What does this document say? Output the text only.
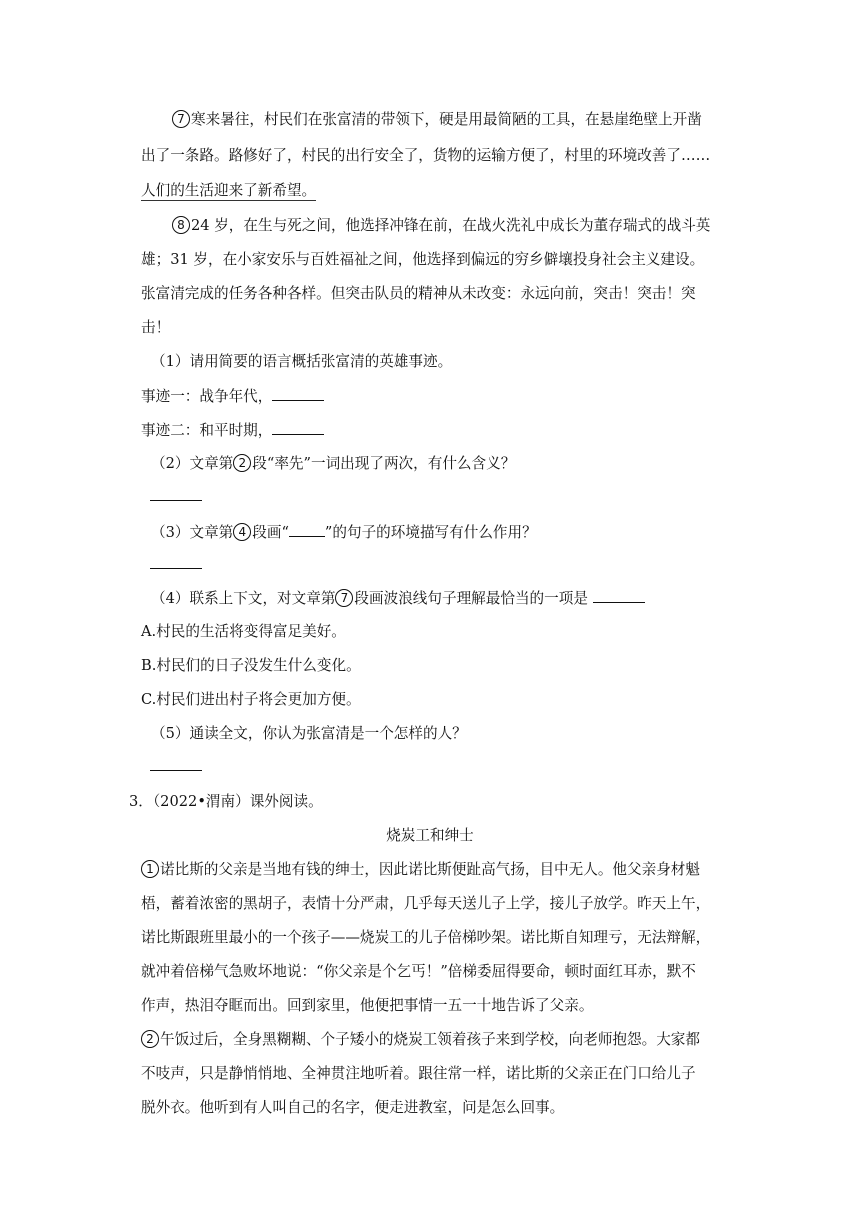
7 寒来暑往，村民们在张富清的带领下，硬是用最简陋的工具，在悬崖绝壁上开凿
出了一条路。路修好了，村民的出行安全了，货物的运输方便了，村里的环境改善了……
人们的生活迎来了新希望。
8 24 岁，在生与死之间，他选择冲锋在前，在战火洗礼中成长为董存瑞式的战斗英
雄；31 岁，在小家安乐与百姓福祉之间，他选择到偏远的穷乡僻壤投身社会主义建设。
张富清完成的任务各种各样。但突击队员的精神从未改变：永远向前，突击！突击！突
击！
（1）请用简要的语言概括张富清的英雄事迹。
事迹一：战争年代，
事迹二：和平时期，
（2）文章第 2 段“率先”一词出现了两次，有什么含义？
（3）文章第 4 段画“ ”的句子的环境描写有什么作用？
（4）联系上下文，对文章第 7 段画波浪线句子理解最恰当的一项是
A.村民的生活将变得富足美好。
B.村民们的日子没发生什么变化。
C.村民们进出村子将会更加方便。
（5）通读全文，你认为张富清是一个怎样的人？
3．（2022•渭南）课外阅读。
烧炭工和绅士
1 诺比斯的父亲是当地有钱的绅士，因此诺比斯便趾高气扬，目中无人。他父亲身材魁
梧，蓄着浓密的黑胡子，表情十分严肃，几乎每天送儿子上学，接儿子放学。昨天上午，
诺比斯跟班里最小的一个孩子——烧炭工的儿子倍梯吵架。诺比斯自知理亏，无法辩解，
就冲着倍梯气急败坏地说：“你父亲是个乞丐！”倍梯委屈得要命，顿时面红耳赤，默不
作声，热泪夺眶而出。回到家里，他便把事情一五一十地告诉了父亲。
2 午饭过后，全身黑糊糊、个子矮小的烧炭工领着孩子来到学校，向老师抱怨。大家都
不吱声，只是静悄悄地、全神贯注地听着。跟往常一样，诺比斯的父亲正在门口给儿子
脱外衣。他听到有人叫自己的名字，便走进教室，问是怎么回事。
